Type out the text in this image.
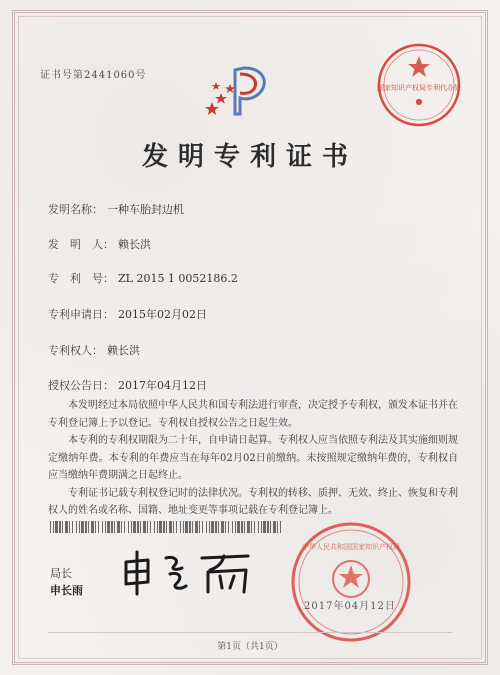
证书号第2441060号
国家知识产权局专利代办处
●
发明专利证书
发明名称： 一种车胎封边机
发　明　人： 赖长洪
专　利　号： ZL 2015 1 0052186.2
专利申请日： 2015年02月02日
专利权人： 赖长洪
授权公告日： 2017年04月12日

本发明经过本局依照中华人民共和国专利法进行审查，决定授予专利权，颁发本证书并在专利登记簿上予以登记。专利权自授权公告之日起生效。

本专利的专利权期限为二十年，自申请日起算。专利权人应当依照专利法及其实施细则规定缴纳年费。本专利的年费应当在每年02月02日前缴纳。未按照规定缴纳年费的，专利权自应当缴纳年费期满之日起终止。

专利证书记载专利权登记时的法律状况。专利权的转移、质押、无效、终止、恢复和专利权人的姓名或名称、国籍、地址变更等事项记载在专利登记簿上。

局长
申长雨
中华人民共和国国家知识产权局
2017年04月12日
第1页（共1页）
